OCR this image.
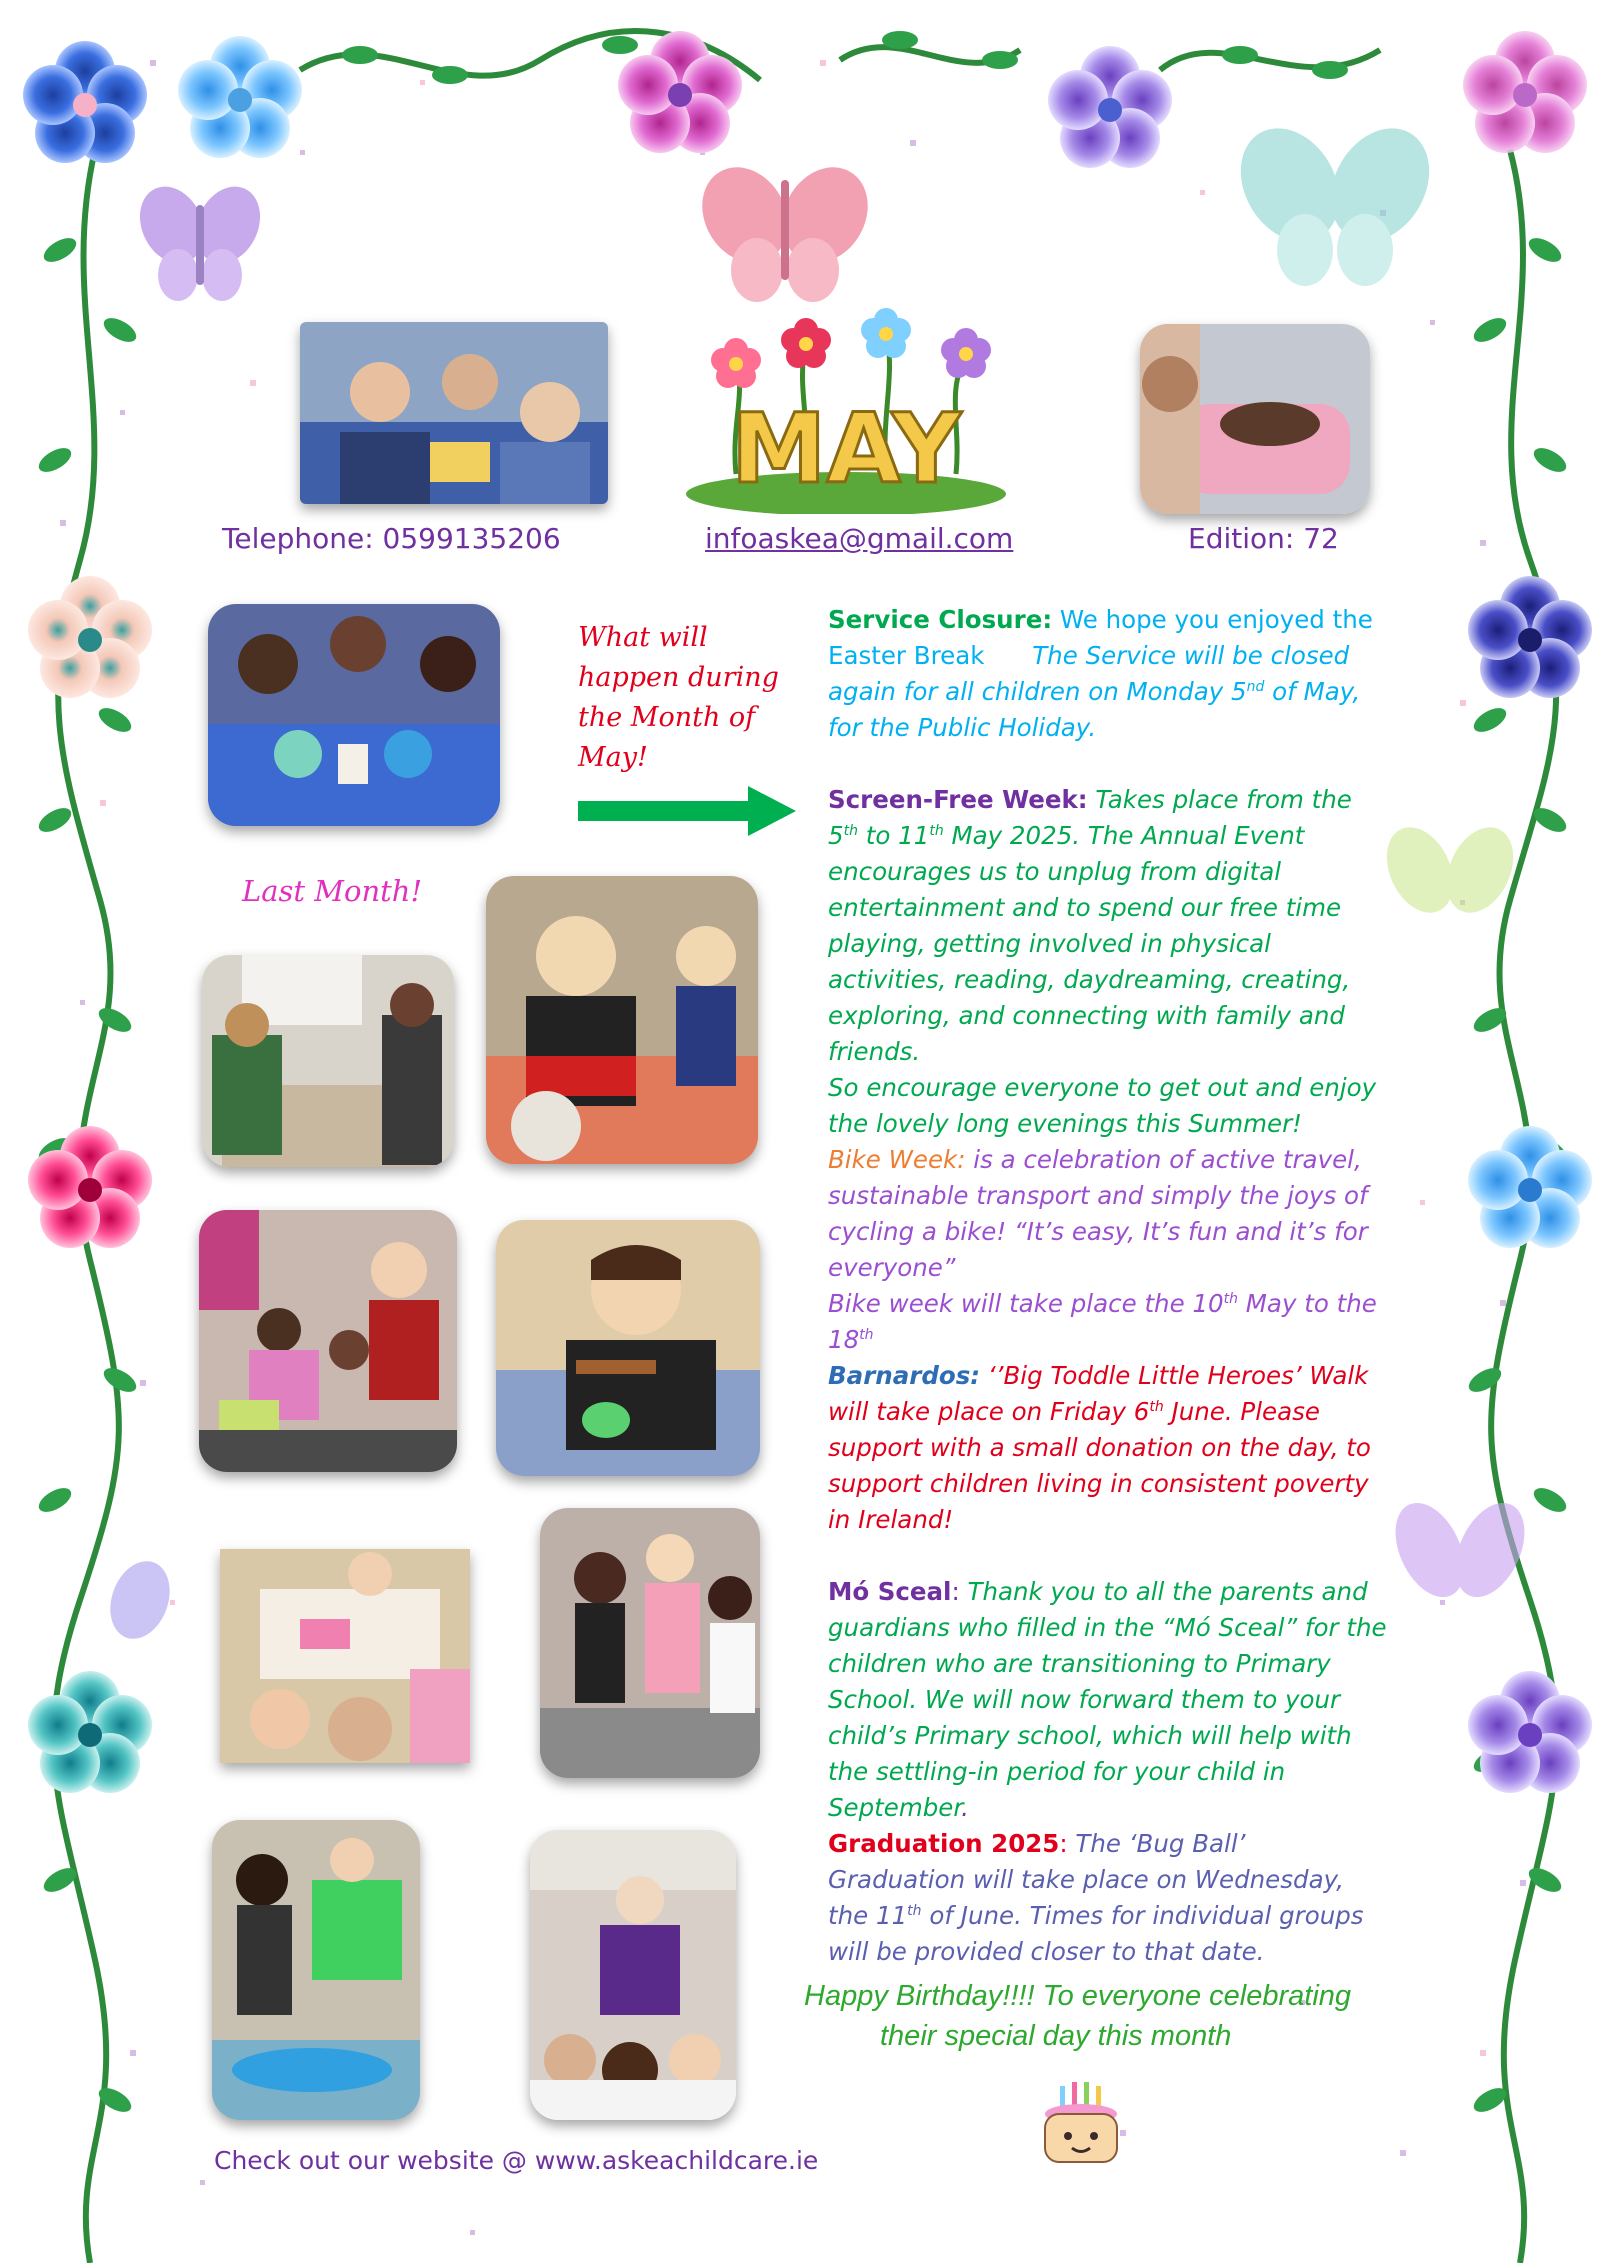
MAY
Telephone: 0599135206	infoaskea@gmail.com	Edition: 72
What will happen during the Month of May!
Last Month!

Service Closure: We hope you enjoyed the Easter Break The Service will be closed again for all children on Monday 5nd of May, for the Public Holiday.

Screen-Free Week: Takes place from the 5th to 11th May 2025. The Annual Event encourages us to unplug from digital entertainment and to spend our free time playing, getting involved in physical activities, reading, daydreaming, creating, exploring, and connecting with family and friends.

So encourage everyone to get out and enjoy the lovely long evenings this Summer!

Bike Week: is a celebration of active travel, sustainable transport and simply the joys of cycling a bike! “It’s easy, It’s fun and it’s for everyone”

Bike week will take place the 10th May to the 18th

Barnardos: ‘’Big Toddle Little Heroes’ Walk will take place on Friday 6th June. Please support with a small donation on the day, to support children living in consistent poverty in Ireland!

Mó Sceal: Thank you to all the parents and guardians who filled in the “Mó Sceal” for the children who are transitioning to Primary School. We will now forward them to your child’s Primary school, which will help with the settling-in period for your child in September.

Graduation 2025: The ‘Bug Ball’ Graduation will take place on Wednesday, the 11th of June. Times for individual groups will be provided closer to that date.

Happy Birthday!!!! To everyone celebrating
their special day this month
Check out our website @ www.askeachildcare.ie
